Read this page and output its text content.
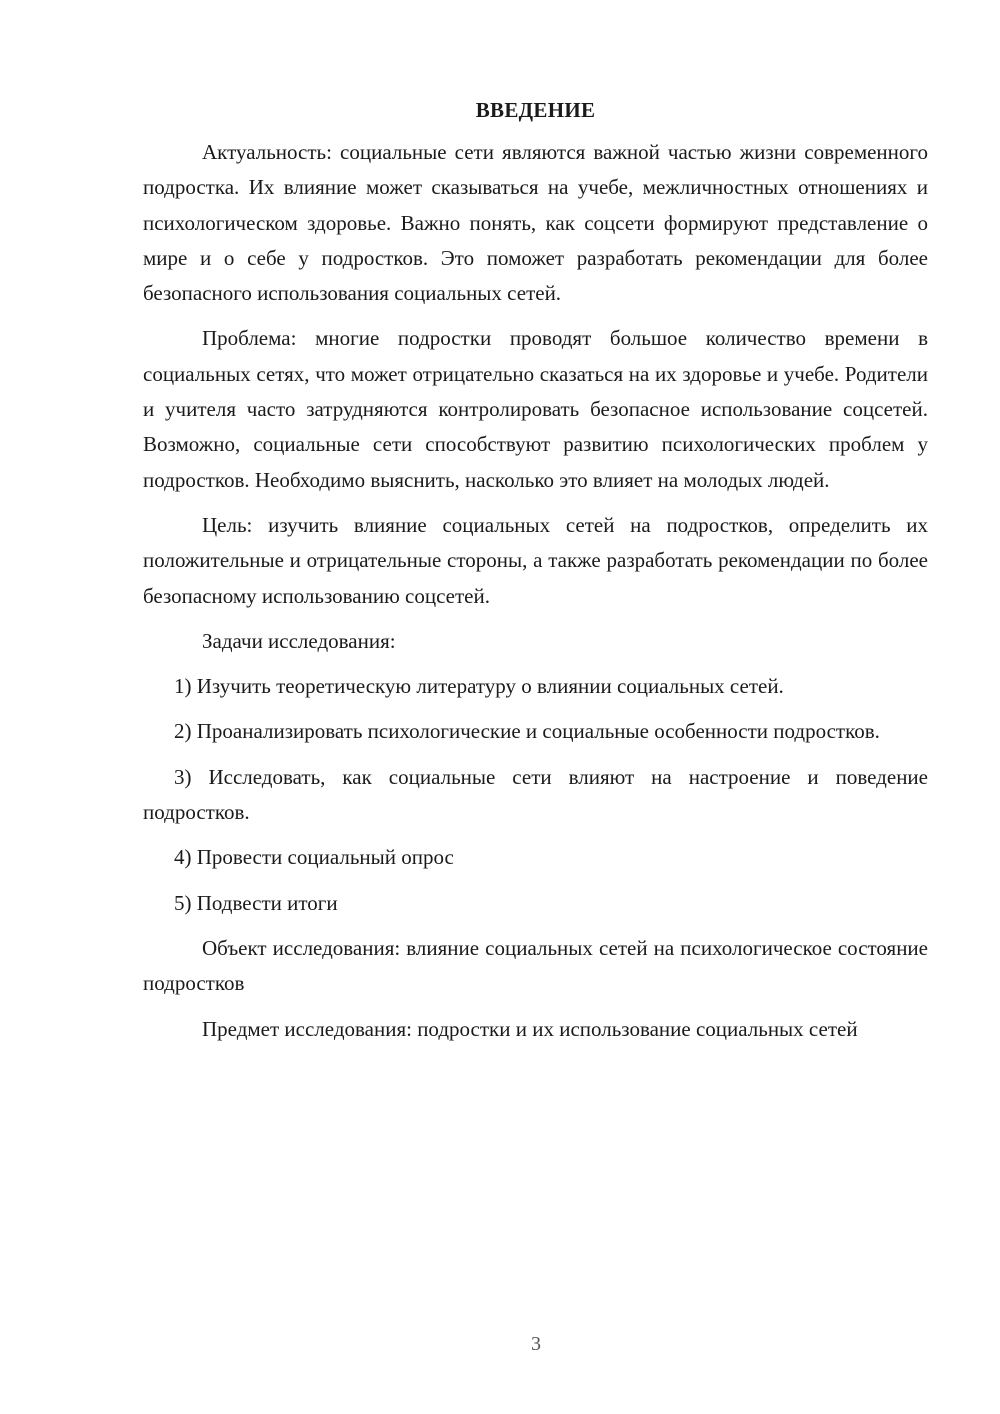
ВВЕДЕНИЕ

Актуальность: социальные сети являются важной частью жизни современного подростка. Их влияние может сказываться на учебе, межличностных отношениях и психологическом здоровье. Важно понять, как соцсети формируют представление о мире и о себе у подростков. Это поможет разработать рекомендации для более безопасного использования социальных сетей.

Проблема: многие подростки проводят большое количество времени в социальных сетях, что может отрицательно сказаться на их здоровье и учебе. Родители и учителя часто затрудняются контролировать безопасное использование соцсетей. Возможно, социальные сети способствуют развитию психологических проблем у подростков. Необходимо выяснить, насколько это влияет на молодых людей.

Цель: изучить влияние социальных сетей на подростков, определить их положительные и отрицательные стороны, а также разработать рекомендации по более безопасному использованию соцсетей.

Задачи исследования:

1) Изучить теоретическую литературу о влиянии социальных сетей.

2) Проанализировать психологические и социальные особенности подростков.

3) Исследовать, как социальные сети влияют на настроение и поведение подростков.

4) Провести социальный опрос

5) Подвести итоги

Объект исследования: влияние социальных сетей на психологическое состояние подростков

Предмет исследования: подростки и их использование социальных сетей

3
